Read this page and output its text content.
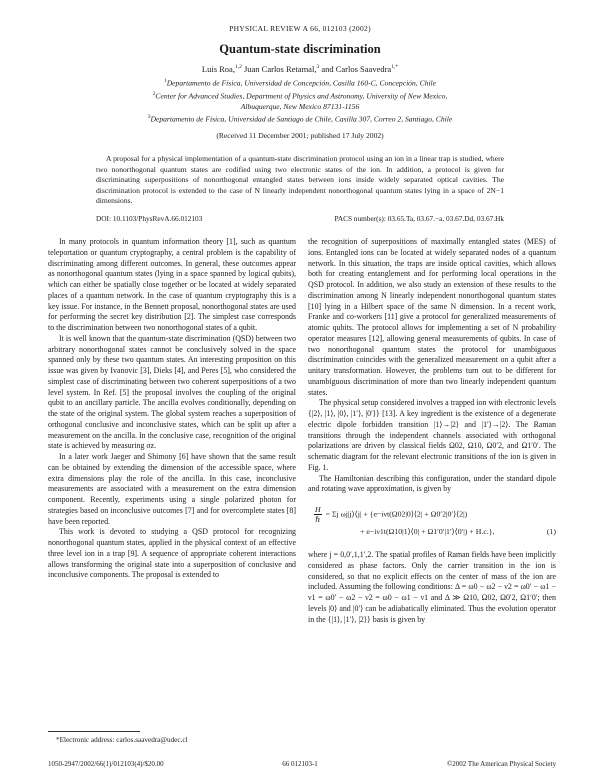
PHYSICAL REVIEW A 66, 012103 (2002)
Quantum-state discrimination
Luis Roa,$^{1,2}$ Juan Carlos Retamal,$^3$ and Carlos Saavedra$^{1,*}$
$^1$Departamento de Física, Universidad de Concepción, Casilla 160-C, Concepción, Chile
$^2$Center for Advanced Studies, Department of Physics and Astronomy, University of New Mexico,
Albuquerque, New Mexico 87131-1156
$^3$Departamento de Física, Universidad de Santiago de Chile, Casilla 307, Correo 2, Santiago, Chile
(Received 11 December 2001; published 17 July 2002)
A proposal for a physical implementation of a quantum-state discrimination protocol using an ion in a linear trap is studied, where two nonorthogonal quantum states are codified using two electronic states of the ion. In addition, a protocol is given for discriminating superpositions of nonorthogonal entangled states between ions inside widely separated optical cavities. The discrimination protocol is extended to the case of N linearly independent nonorthogonal quantum states lying in a space of 2N−1 dimensions.
DOI: 10.1103/PhysRevA.66.012103	PACS number(s): 03.65.Ta, 03.67.−a, 03.67.Dd, 03.67.Hk

In many protocols in quantum information theory [1], such as quantum teleportation or quantum cryptography, a central problem is the capability of discriminating among different outcomes. In general, these outcomes appear as nonorthogonal quantum states (lying in a space spanned by logical qubits), which can either be spatially close together or be located at widely separated places of a quantum network. In the case of quantum cryptography this is a key issue. For instance, in the Bennett proposal, nonorthogonal states are used for performing the secret key distribution [2]. The simplest case corresponds to the discrimination between two nonorthogonal states of a qubit.

It is well known that the quantum-state discrimination (QSD) between two arbitrary nonorthogonal states cannot be conclusively solved in the space spanned only by these two quantum states. An interesting proposition on this issue was given by Ivanovic [3], Dieks [4], and Peres [5], who considered the simplest case of discriminating between two coherent superpositions of a two level system. In Ref. [5] the proposal involves the coupling of the original qubit to an ancillary particle. The ancilla evolves conditionally, depending on the state of the original system. The global system reaches a superposition of orthogonal conclusive and inconclusive states, which can be split up after a measurement on the ancilla. In the conclusive case, recognition of the original state is achieved by measuring σz.

In a later work Jaeger and Shimony [6] have shown that the same result can be obtained by extending the dimension of the accessible space, where extra dimensions play the role of the ancilla. In this case, inconclusive measurements are associated with a measurement on the extra dimension component. Recently, experiments using a single polarized photon for strategies based on inconclusive outcomes [7] and for overcomplete states [8] have been reported.

This work is devoted to studying a QSD protocol for recognizing nonorthogonal quantum states, applied in the physical context of an effective three level ion in a trap [9]. A sequence of appropriate coherent interactions allows transforming the original state into a superposition of conclusive and inconclusive components. The proposal is extended to

the recognition of superpositions of maximally entangled states (MES) of ions. Entangled ions can be located at widely separated nodes of a quantum network. In this situation, the traps are inside optical cavities, which allows both for creating entanglement and for performing local operations in the QSD protocol. In addition, we also study an extension of these results to the discrimination among N linearly independent nonorthogonal quantum states [10] lying in a Hilbert space of the same N dimension. In a recent work, Franke and co-workers [11] give a protocol for generalized measurements of atomic qubits. The protocol allows for implementing a set of N probability operator measures [12], allowing general measurements of qubits. In case of two nonorthogonal quantum states the protocol for unambiguous discrimination coincides with the generalized measurement on a qubit after a unitary transformation. However, the problems turn out to be different for unambiguous discrimination of more than two linearly independent quantum states.

The physical setup considered involves a trapped ion with electronic levels {|2⟩, |1⟩, |0⟩, |1′⟩, |0′⟩} [13]. A key ingredient is the existence of a degenerate electric dipole forbidden transition |1⟩→|2⟩ and |1′⟩→|2⟩. The Raman transitions through the independent channels associated with orthogonal polarizations are driven by classical fields Ω02, Ω10, Ω0′2, and Ω1′0′. The schematic diagram for the relevant electronic transitions of the ion is given in Fig. 1.

The Hamiltonian describing this configuration, under the standard dipole and rotating wave approximation, is given by

$\frac{H}{\text{ℏ}} = \Sigma j$ ωj|j⟩⟨j| + {e−iνt(Ω02|0⟩⟨2| + Ω0′2|0′⟩⟨2|)
+ e−iν1t(Ω10|1⟩⟨0| + Ω1′0′|1′⟩⟨0′|) + H.c.},	(1)

where j = 0,0′,1,1′,2. The spatial profiles of Raman fields have been implicitly considered as phase factors. Only the carrier transition in the ion is considered, so that no explicit effects on the center of mass of the ion are included. Assuming the following conditions: Δ = ω0 − ω2 − ν2 = ω0′ − ω1 − ν1 = ω0′ − ω2 − ν2 = ω0 − ω1 − ν1 and Δ ≫ Ω10, Ω02, Ω0′2, Ω1′0′; then levels |0⟩ and |0′⟩ can be adiabatically eliminated. Thus the evolution operator in the {|1⟩, |1′⟩, |2⟩} basis is given by

*Electronic address: carlos.saavedra@udec.cl
1050-2947/2002/66(1)/012103(4)/$20.00	66 012103-1	©2002 The American Physical Society
